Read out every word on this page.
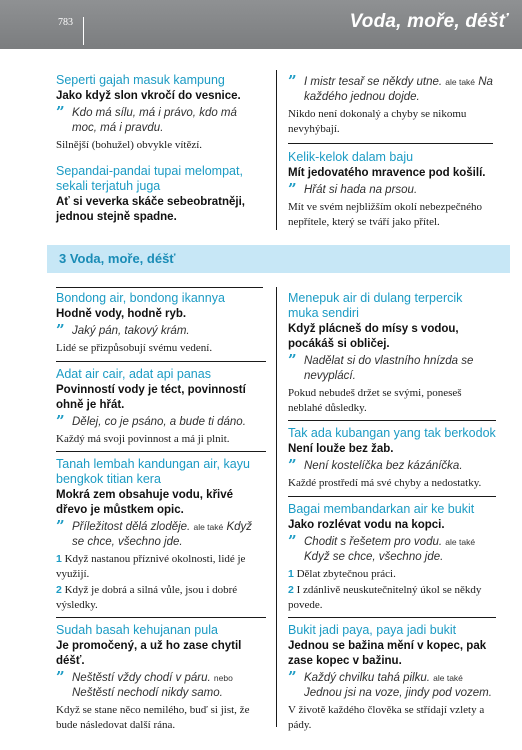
783	Voda, moře, déšť
Seperti gajah masuk kampung
Jako když slon vkročí do vesnice.
” Kdo má sílu, má i právo, kdo má moc, má i pravdu.
Silnější (bohužel) obvykle vítězí.
Sepandai-pandai tupai melompat, sekali terjatuh juga
Ať si veverka skáče sebeobratněji, jednou stejně spadne.
” I mistr tesař se někdy utne. ale také Na každého jednou dojde.
Nikdo není dokonalý a chyby se nikomu nevyhýbají.
Kelik-kelok dalam baju
Mít jedovatého mravence pod košilí.
” Hřát si hada na prsou.
Mít ve svém nejbližším okolí nebezpečného nepřítele, který se tváří jako přítel.
3 Voda, moře, déšť
Bondong air, bondong ikannya
Hodně vody, hodně ryb.
” Jaký pán, takový krám.
Lidé se přizpůsobují svému vedení.
Adat air cair, adat api panas
Povinností vody je téct, povinností ohně je hřát.
” Dělej, co je psáno, a bude ti dáno.
Každý má svoji povinnost a má ji plnit.
Tanah lembah kandungan air, kayu bengkok titian kera
Mokrá zem obsahuje vodu, křivé dřevo je můstkem opic.
” Příležitost dělá zloděje. ale také Když se chce, všechno jde.
1 Když nastanou příznivé okolnosti, lidé je využijí.
2 Když je dobrá a silná vůle, jsou i dobré výsledky.
Sudah basah kehujanan pula
Je promočený, a už ho zase chytil déšť.
” Neštěstí vždy chodí v páru. nebo Neštěstí nechodí nikdy samo.
Když se stane něco nemilého, buď si jist, že bude následovat další rána.
Menepuk air di dulang terpercik muka sendiri
Když plácneš do mísy s vodou, pocákáš si obličej.
” Nadělat si do vlastního hnízda se nevyplácí.
Pokud nebudeš držet se svými, poneseš neblahé důsledky.
Tak ada kubangan yang tak berkodok
Není louže bez žab.
” Není kostelíčka bez kázáníčka.
Každé prostředí má své chyby a nedostatky.
Bagai membandarkan air ke bukit
Jako rozlévat vodu na kopci.
” Chodit s řešetem pro vodu. ale také Když se chce, všechno jde.
1 Dělat zbytečnou práci.
2 I zdánlivě neuskutečnitelný úkol se někdy povede.
Bukit jadi paya, paya jadi bukit
Jednou se bažina mění v kopec, pak zase kopec v bažinu.
” Každý chvilku tahá pilku. ale také Jednou jsi na voze, jindy pod vozem.
V životě každého člověka se střídají vzlety a pády.
